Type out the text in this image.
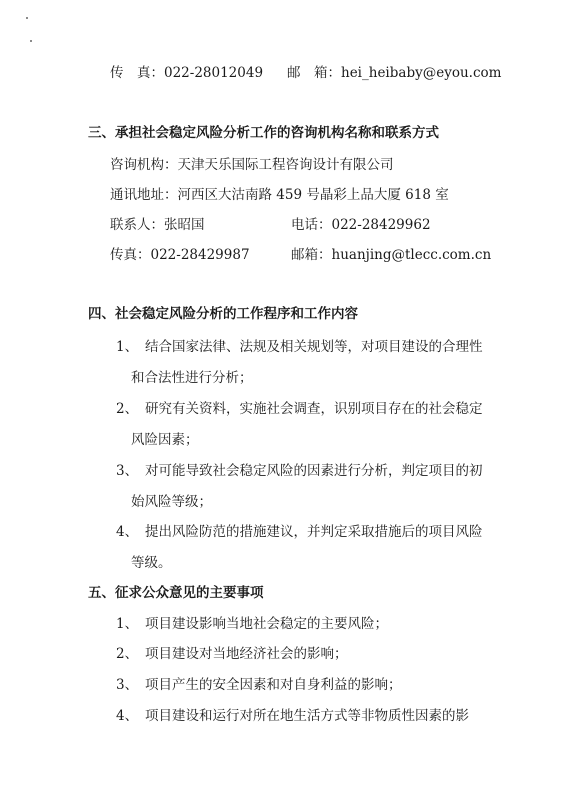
传　真：022-28012049 邮　箱：hei_heibaby@eyou.com
三、承担社会稳定风险分析工作的咨询机构名称和联系方式
咨询机构：天津天乐国际工程咨询设计有限公司
通讯地址：河西区大沽南路 459 号晶彩上品大厦 618 室
联系人：张昭国	电话：022-28429962
传真：022-28429987	邮箱：huanjing@tlecc.com.cn
四、社会稳定风险分析的工作程序和工作内容
1、 结合国家法律、法规及相关规划等，对项目建设的合理性
和合法性进行分析；
2、 研究有关资料，实施社会调查，识别项目存在的社会稳定
风险因素；
3、 对可能导致社会稳定风险的因素进行分析，判定项目的初
始风险等级；
4、 提出风险防范的措施建议，并判定采取措施后的项目风险
等级。
五、征求公众意见的主要事项
1、 项目建设影响当地社会稳定的主要风险；
2、 项目建设对当地经济社会的影响；
3、 项目产生的安全因素和对自身利益的影响；
4、 项目建设和运行对所在地生活方式等非物质性因素的影
